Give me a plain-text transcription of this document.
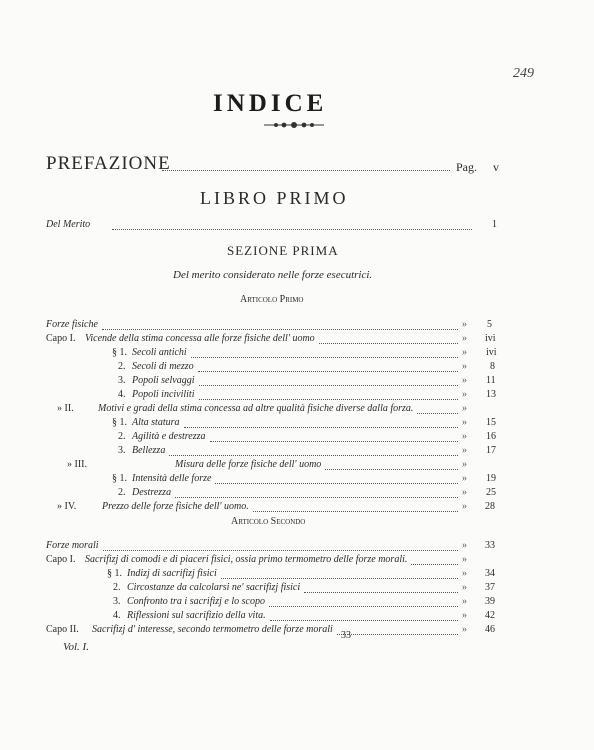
249
INDICE
PREFAZIONE	Pag. v
LIBRO PRIMO
Del Merito	1
SEZIONE PRIMA
Del merito considerato nelle forze esecutrici.
Articolo Primo
Articolo Secondo
Forze fisiche	» 5
Capo I. Vicende della stima concessa alle forze fisiche dell' uomo	» ivi
§ 1. Secoli antichi	» ivi
2. Secoli di mezzo	» 8
3. Popoli selvaggi	» 11
4. Popoli inciviliti	» 13
» II. Motivi e gradi della stima concessa ad altre qualità fisiche diverse dalla forza.	»
§ 1. Alta statura	» 15
2. Agilità e destrezza	» 16
3. Bellezza	» 17
» III.	Misura delle forze fisiche dell' uomo	»
§ 1. Intensità delle forze	» 19
2. Destrezza	» 25
» IV.	Prezzo delle forze fisiche dell' uomo.	» 28
Forze morali	» 33
Capo I. Sacrifizj di comodi e di piaceri fisici, ossia primo termometro delle forze morali.	»
§ 1. Indizj di sacrifizj fisici	» 34
2. Circostanze da calcolarsi ne' sacrifizj fisici	» 37
3. Confronto tra i sacrifizj e lo scopo	» 39
4. Riflessioni sul sacrifizio della vita.	» 42
Capo II. Sacrifizj d' interesse, secondo termometro delle forze morali	» 46
Vol. I.
33
